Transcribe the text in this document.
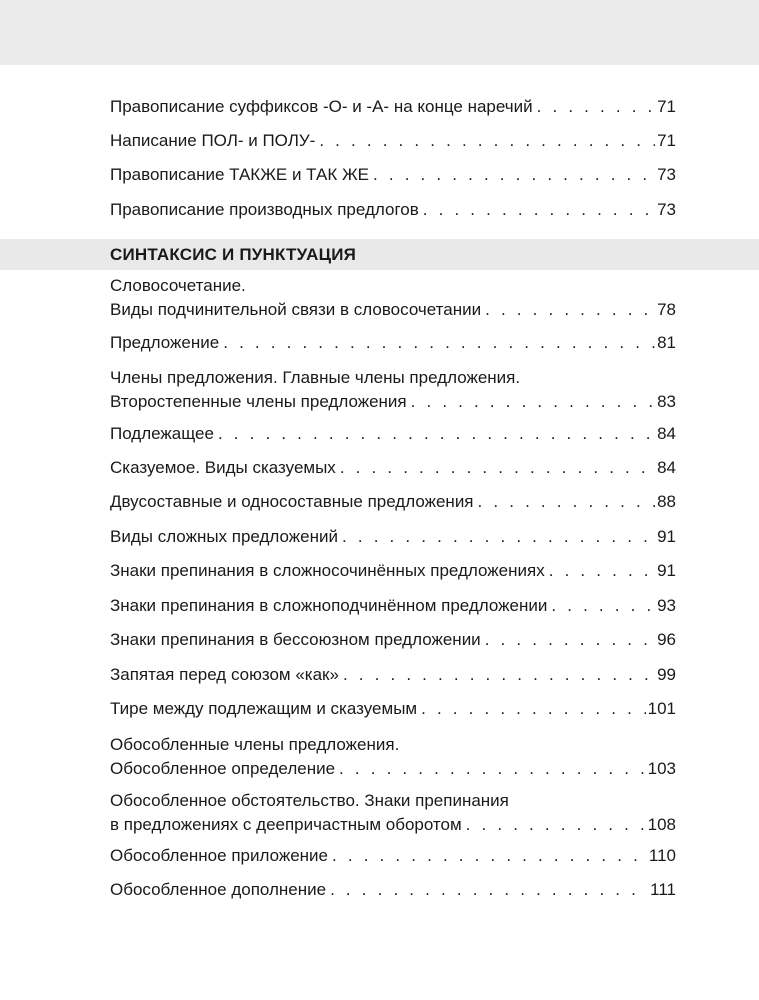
Правописание суффиксов -О- и -А- на конце наречий . . .	71
Написание ПОЛ- и ПОЛУ- . . .	71
Правописание ТАКЖЕ и ТАК ЖЕ . . .	73
Правописание производных предлогов . . .	73
СИНТАКСИС И ПУНКТУАЦИЯ
Словосочетание.
Виды подчинительной связи в словосочетании . . .	78
Предложение . . .	81
Члены предложения. Главные члены предложения.
Второстепенные члены предложения . . .	83
Подлежащее . . .	84
Сказуемое. Виды сказуемых . . .	84
Двусоставные и односоставные предложения . . .	88
Виды сложных предложений . . .	91
Знаки препинания в сложносочинённых предложениях . . .	91
Знаки препинания в сложноподчинённом предложении . . .	93
Знаки препинания в бессоюзном предложении . . .	96
Запятая перед союзом «как» . . .	99
Тире между подлежащим и сказуемым . . .	101
Обособленные члены предложения.
Обособленное определение . . .	103
Обособленное обстоятельство. Знаки препинания
в предложениях с деепричастным оборотом . . .	108
Обособленное приложение . . .	110
Обособленное дополнение . . .	111
